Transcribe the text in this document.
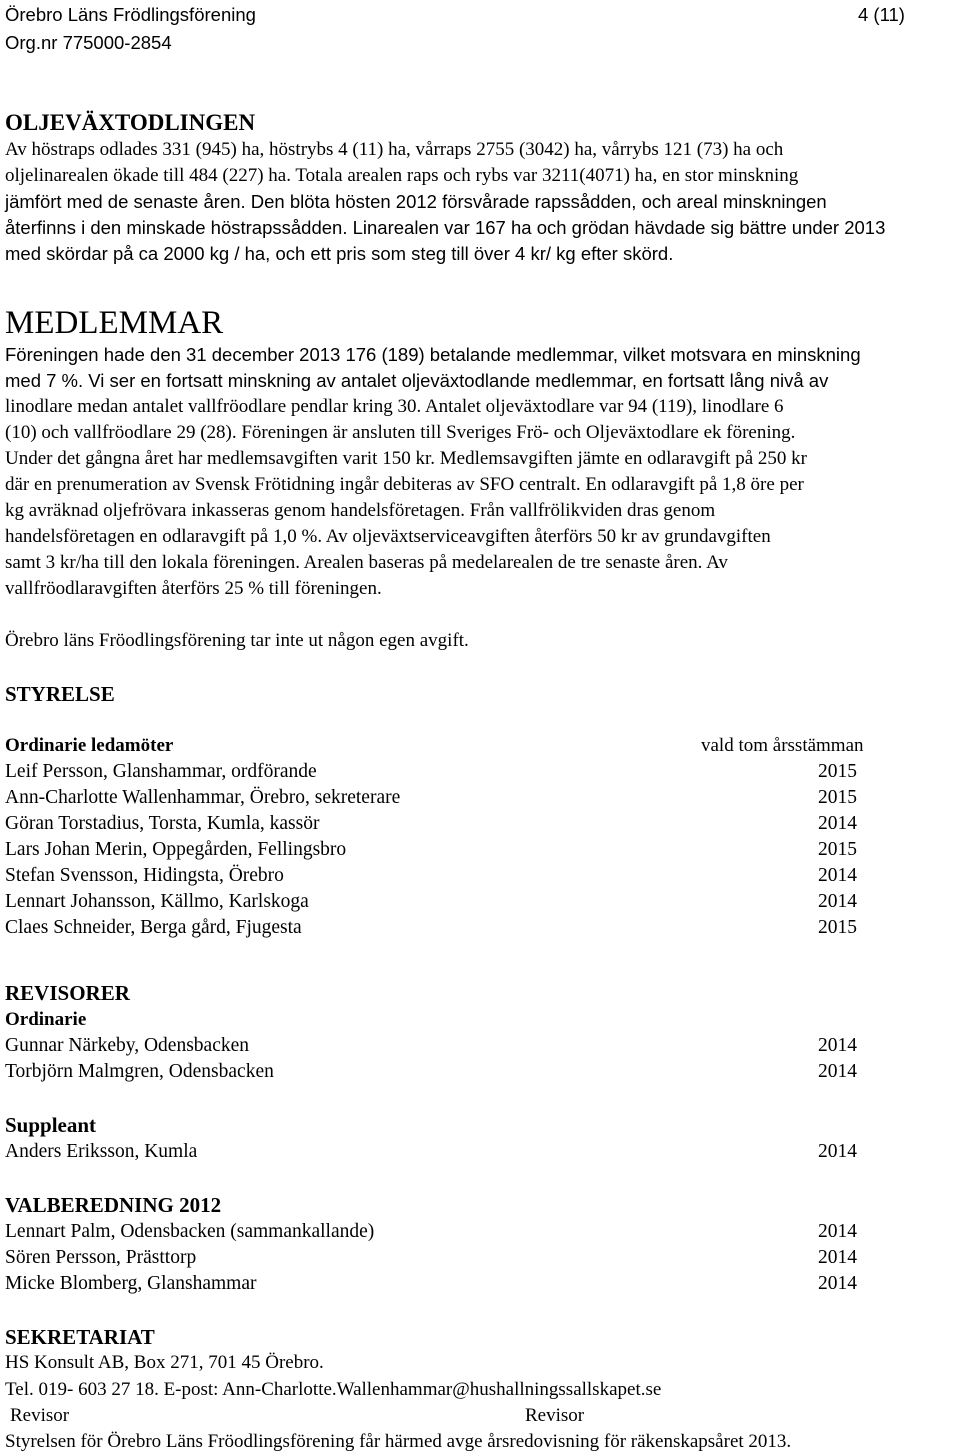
Örebro Läns Frödlingsförening	4 (11)
Org.nr 775000-2854
OLJEVÄXTODLINGEN
Av höstraps odlades 331 (945) ha, höstrybs 4 (11) ha, vårraps 2755 (3042) ha, vårrybs 121 (73) ha och
oljelinarealen ökade till 484 (227) ha. Totala arealen raps och rybs var 3211(4071) ha, en stor minskning
jämfört med de senaste åren. Den blöta hösten 2012 försvårade rapssådden, och areal minskningen
återfinns i den minskade höstrapssådden. Linarealen var 167 ha och grödan hävdade sig bättre under 2013
med skördar på ca 2000 kg / ha, och ett pris som steg till över 4 kr/ kg efter skörd.
MEDLEMMAR
Föreningen hade den 31 december 2013 176 (189) betalande medlemmar, vilket motsvara en minskning
med 7 %. Vi ser en fortsatt minskning av antalet oljeväxtodlande medlemmar, en fortsatt lång nivå av
linodlare medan antalet vallfröodlare pendlar kring 30. Antalet oljeväxtodlare var 94 (119), linodlare 6
(10) och vallfröodlare 29 (28). Föreningen är ansluten till Sveriges Frö- och Oljeväxtodlare ek förening.
Under det gångna året har medlemsavgiften varit 150 kr. Medlemsavgiften jämte en odlaravgift på 250 kr
där en prenumeration av Svensk Frötidning ingår debiteras av SFO centralt. En odlaravgift på 1,8 öre per
kg avräknad oljefrövara inkasseras genom handelsföretagen. Från vallfrölikviden dras genom
handelsföretagen en odlaravgift på 1,0 %. Av oljeväxtserviceavgiften återförs 50 kr av grundavgiften
samt 3 kr/ha till den lokala föreningen. Arealen baseras på medelarealen de tre senaste åren. Av
vallfröodlaravgiften återförs 25 % till föreningen.
Örebro läns Fröodlingsförening tar inte ut någon egen avgift.
STYRELSE
Ordinarie ledamöter	vald tom årsstämman
Leif Persson, Glanshammar, ordförande	2015
Ann-Charlotte Wallenhammar, Örebro, sekreterare	2015
Göran Torstadius, Torsta, Kumla, kassör	2014
Lars Johan Merin, Oppegården, Fellingsbro	2015
Stefan Svensson, Hidingsta, Örebro	2014
Lennart Johansson, Källmo, Karlskoga	2014
Claes Schneider, Berga gård, Fjugesta	2015
REVISORER
Ordinarie
Gunnar Närkeby, Odensbacken	2014
Torbjörn Malmgren, Odensbacken	2014
Suppleant
Anders Eriksson, Kumla	2014
VALBEREDNING 2012
Lennart Palm, Odensbacken (sammankallande)	2014
Sören Persson, Prästtorp	2014
Micke Blomberg, Glanshammar	2014
SEKRETARIAT
HS Konsult AB, Box 271, 701 45 Örebro.
Tel. 019- 603 27 18. E-post: Ann-Charlotte.Wallenhammar@hushallningssallskapet.se
Revisor	Revisor
Styrelsen för Örebro Läns Fröodlingsförening får härmed avge årsredovisning för räkenskapsåret 2013.
